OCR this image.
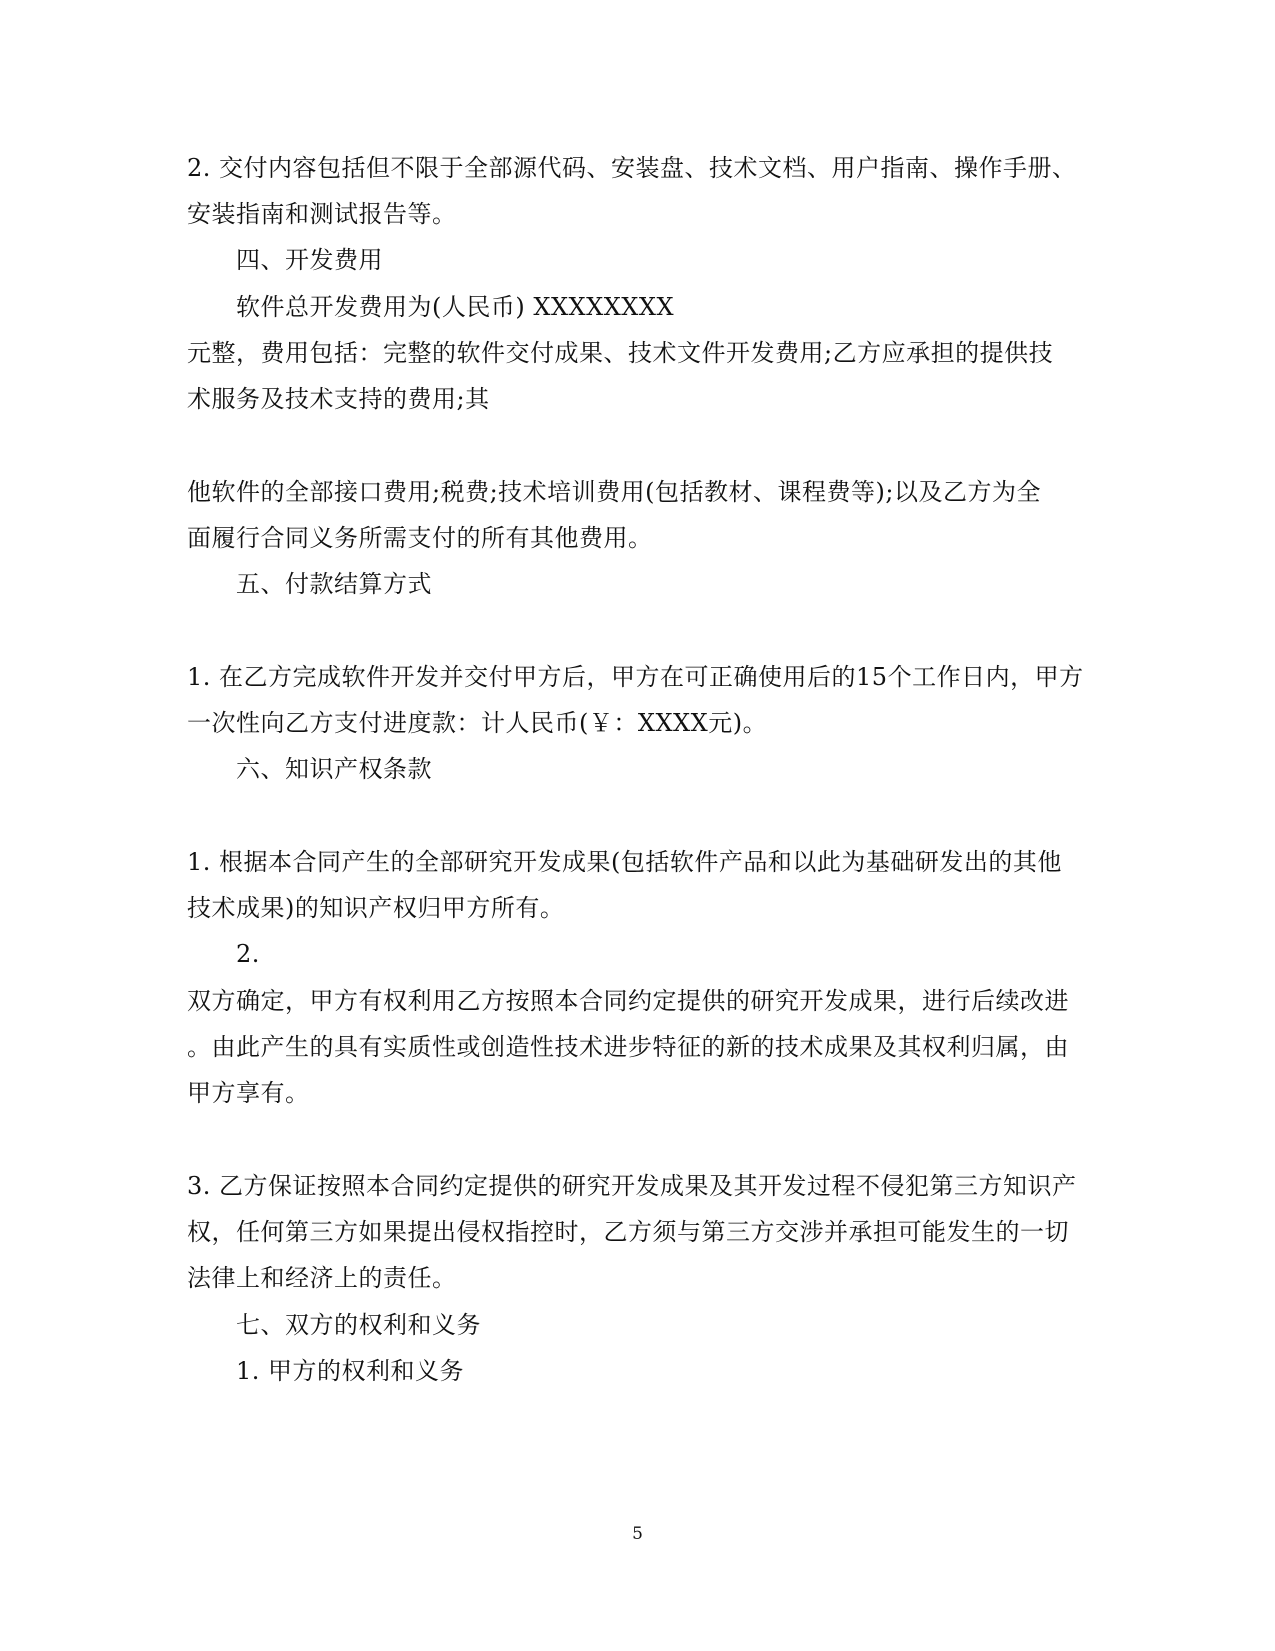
2. 交付内容包括但不限于全部源代码、安装盘、技术文档、用户指南、操作手册、
安装指南和测试报告等。
四、开发费用
软件总开发费用为(人民币) XXXXXXXX
元整，费用包括：完整的软件交付成果、技术文件开发费用;乙方应承担的提供技
术服务及技术支持的费用;其
他软件的全部接口费用;税费;技术培训费用(包括教材、课程费等);以及乙方为全
面履行合同义务所需支付的所有其他费用。
五、付款结算方式
1. 在乙方完成软件开发并交付甲方后，甲方在可正确使用后的15个工作日内，甲方
一次性向乙方支付进度款：计人民币(￥：XXXX元)。
六、知识产权条款
1. 根据本合同产生的全部研究开发成果(包括软件产品和以此为基础研发出的其他
技术成果)的知识产权归甲方所有。
2.
双方确定，甲方有权利用乙方按照本合同约定提供的研究开发成果，进行后续改进
。由此产生的具有实质性或创造性技术进步特征的新的技术成果及其权利归属，由
甲方享有。
3. 乙方保证按照本合同约定提供的研究开发成果及其开发过程不侵犯第三方知识产
权，任何第三方如果提出侵权指控时，乙方须与第三方交涉并承担可能发生的一切
法律上和经济上的责任。
七、双方的权利和义务
1. 甲方的权利和义务
5
